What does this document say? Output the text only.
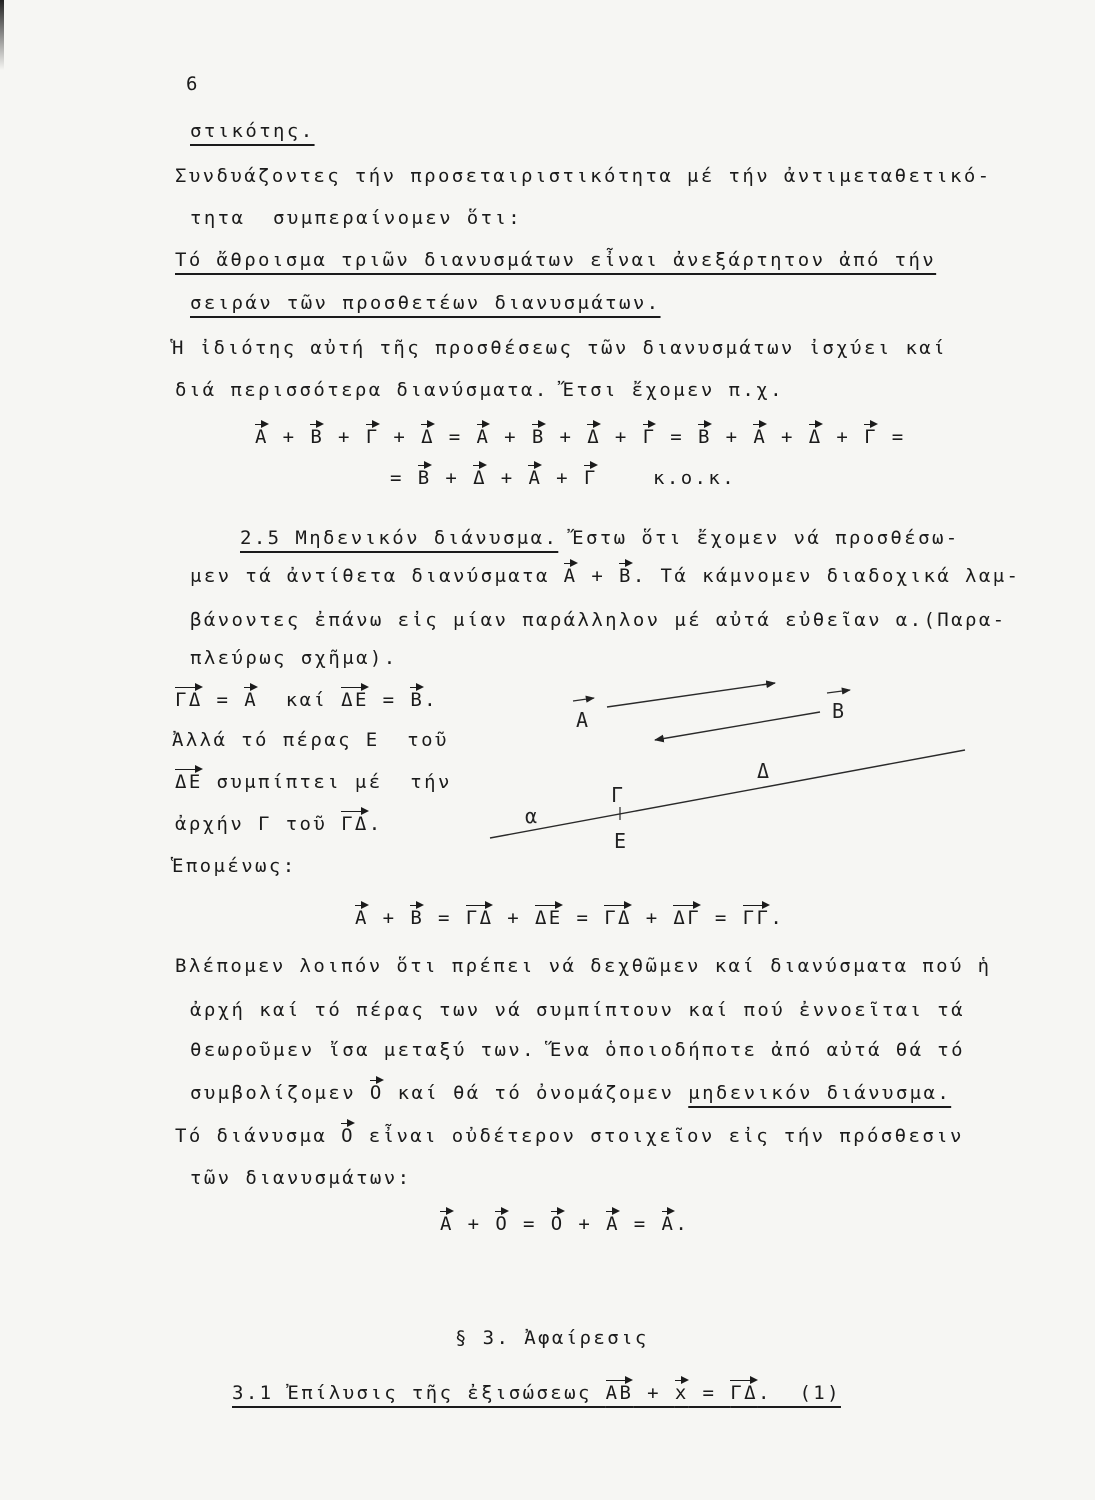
6
στικότης.
Συνδυάζοντες τήν προσεταιριστικότητα μέ τήν ἀντιμεταθετικό-
τητα  συμπεραίνομεν ὅτι:
Τό ἄθροισμα τριῶν διανυσμάτων εἶναι ἀνεξάρτητον ἀπό τήν
σειράν τῶν προσθετέων διανυσμάτων.
Ἡ ἰδιότης αὐτή τῆς προσθέσεως τῶν διανυσμάτων ἰσχύει καί
διά περισσότερα διανύσματα. Ἔτσι ἔχομεν π.χ.
Α + Β + Γ + Δ = Α + Β + Δ + Γ = Β + Α + Δ + Γ =
= Β + Δ + Α + Γ    κ.ο.κ.
2.5 Μηδενικόν διάνυσμα. Ἔστω ὅτι ἔχομεν νά προσθέσω-
μεν τά ἀντίθετα διανύσματα Α + Β. Τά κάμνομεν διαδοχικά λαμ-
βάνοντες ἐπάνω εἰς μίαν παράλληλον μέ αὐτά εὐθεῖαν α.(Παρα-
πλεύρως σχῆμα).
ΓΔ = Α  καί ΔΕ = Β.
Ἀλλά τό πέρας Ε  τοῦ
ΔΕ συμπίπτει μέ  τήν
ἀρχήν Γ τοῦ ΓΔ.
Ἑπομένως:
Α + Β = ΓΔ + ΔΕ = ΓΔ + ΔΓ = ΓΓ.
Βλέπομεν λοιπόν ὅτι πρέπει νά δεχθῶμεν καί διανύσματα πού ἡ
ἀρχή καί τό πέρας των νά συμπίπτουν καί πού ἐννοεῖται τά
θεωροῦμεν ἴσα μεταξύ των. Ἕνα ὁποιοδήποτε ἀπό αὐτά θά τό
συμβολίζομεν Ο καί θά τό ὀνομάζομεν μηδενικόν διάνυσμα.
Τό διάνυσμα Ο εἶναι οὐδέτερον στοιχεῖον εἰς τήν πρόσθεσιν
τῶν διανυσμάτων:
Α + Ο = Ο + Α = Α.
§ 3. Ἀφαίρεσις
3.1 Ἐπίλυσις τῆς ἐξισώσεως ΑΒ + x = ΓΔ.  (1)
Α	Β
α
Δ
Γ
Ε
